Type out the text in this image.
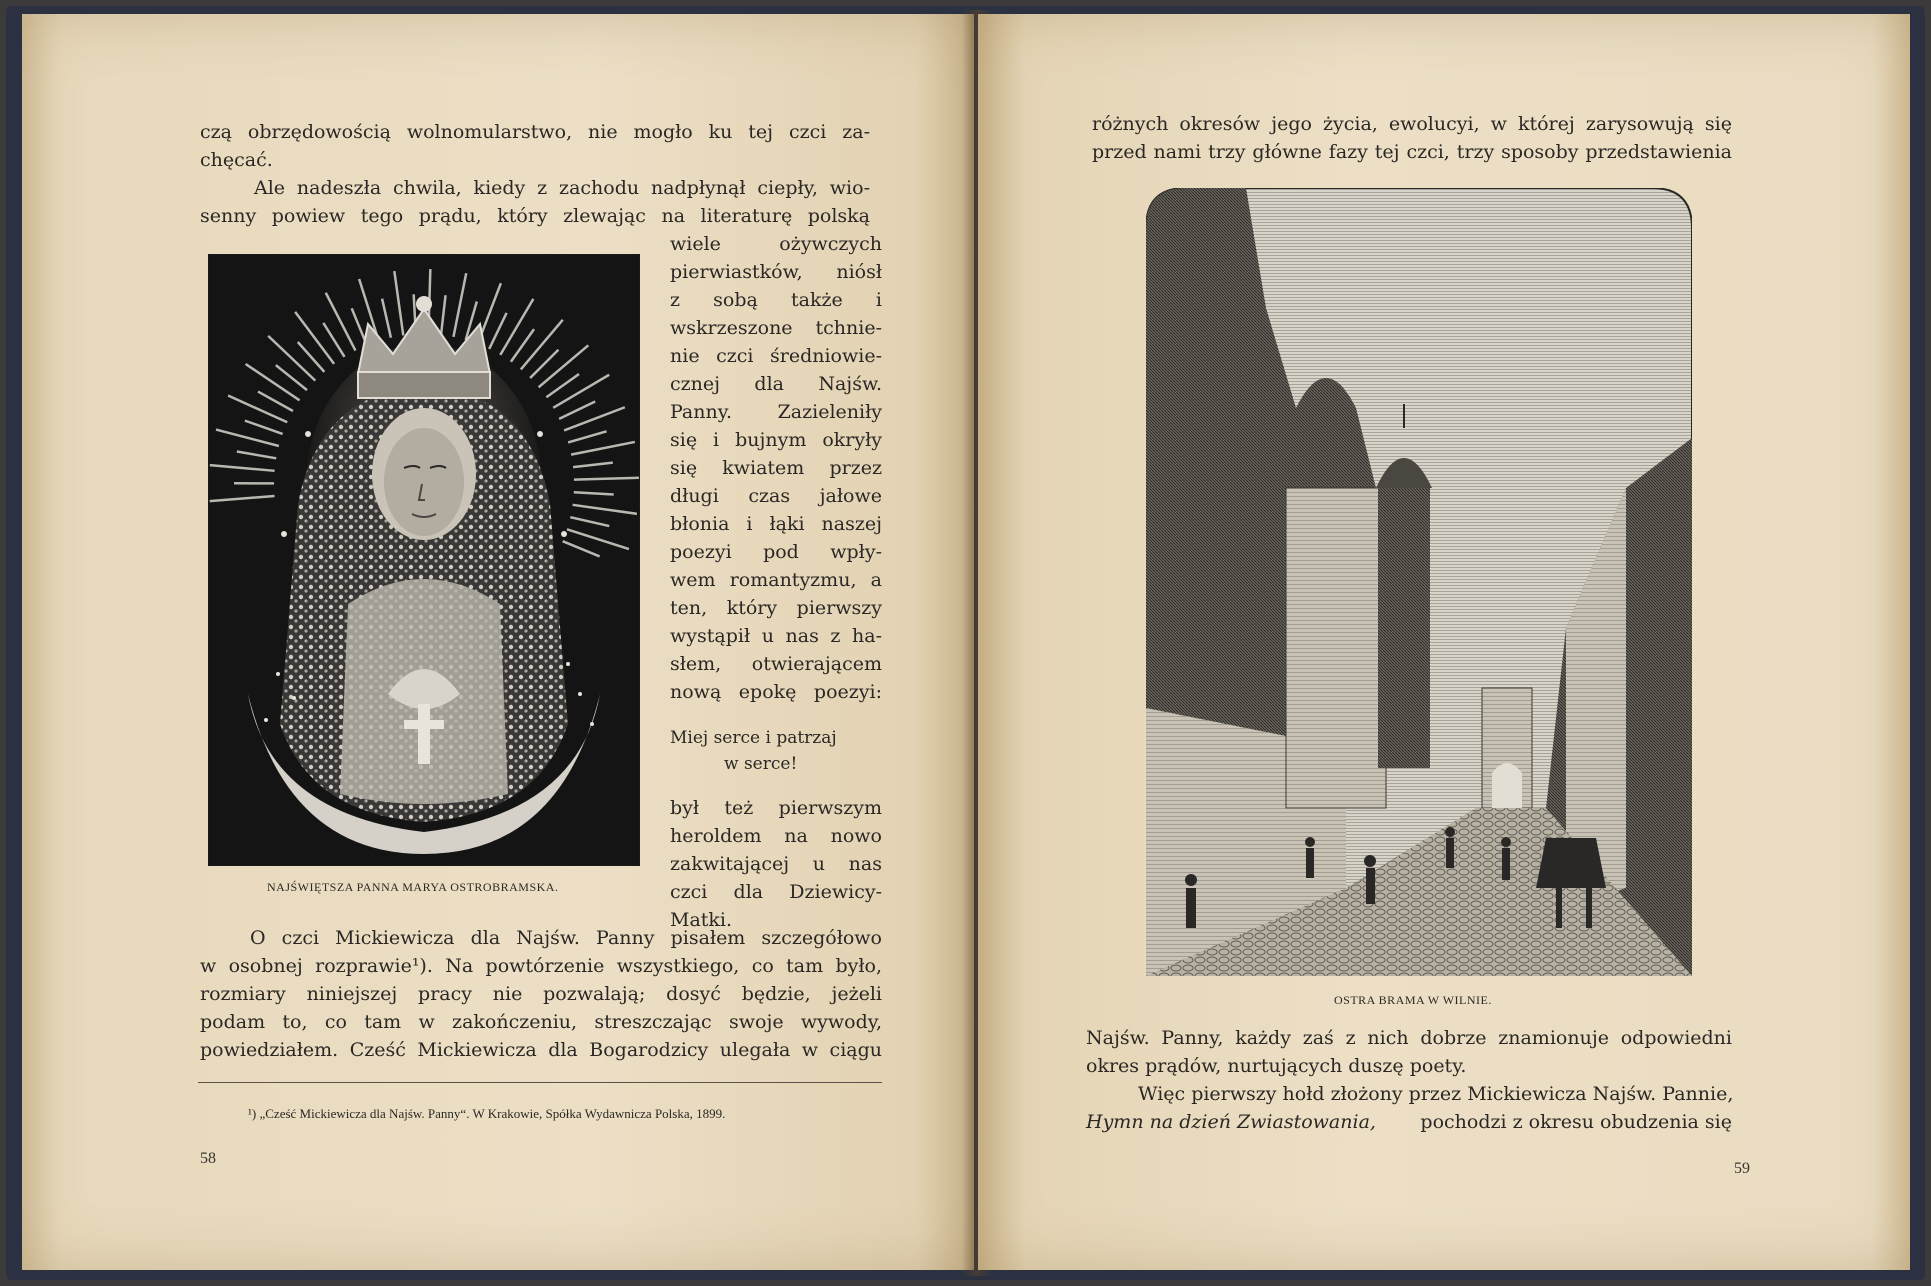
czą obrzędowością wolnomularstwo, nie mogło ku tej czci za-
chęcać.
Ale nadeszła chwila, kiedy z zachodu nadpłynął ciepły, wio-
senny powiew tego prądu, który zlewając na literaturę polską
wiele ożywczych
pierwiastków, niósł
z sobą także i
wskrzeszone tchnie-
nie czci średniowie-
cznej dla Najśw.
Panny. Zazieleniły
się i bujnym okryły
się kwiatem przez
długi czas jałowe
błonia i łąki naszej
poezyi pod wpły-
wem romantyzmu, a
ten, który pierwszy
wystąpił u nas z ha-
słem, otwierającem
nową epokę poezyi:
Miej serce i patrzaj
w serce!
był też pierwszym
heroldem na nowo
zakwitającej u nas
czci dla Dziewicy-
Matki.
NAJŚWIĘTSZA PANNA MARYA OSTROBRAMSKA.
O czci Mickiewicza dla Najśw. Panny pisałem szczegółowo
w osobnej rozprawie¹). Na powtórzenie wszystkiego, co tam było,
rozmiary niniejszej pracy nie pozwalają; dosyć będzie, jeżeli
podam to, co tam w zakończeniu, streszczając swoje wywody,
powiedziałem. Cześć Mickiewicza dla Bogarodzicy ulegała w ciągu
¹) „Cześć Mickiewicza dla Najśw. Panny“. W Krakowie, Spółka Wydawnicza Polska, 1899.
58
różnych okresów jego życia, ewolucyi, w której zarysowują się
przed nami trzy główne fazy tej czci, trzy sposoby przedstawienia
OSTRA BRAMA W WILNIE.
Najśw. Panny, każdy zaś z nich dobrze znamionuje odpowiedni
okres prądów, nurtujących duszę poety.
Więc pierwszy hołd złożony przez Mickiewicza Najśw. Pannie,
Hymn na dzień Zwiastowania, pochodzi z okresu obudzenia się
59
